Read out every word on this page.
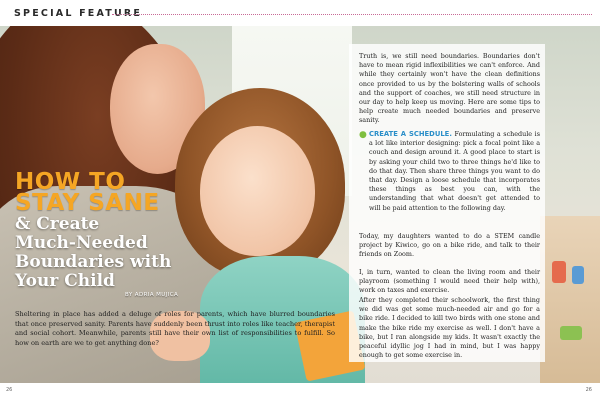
SPECIAL FEATURE
HOW TO
STAY SANE
& Create
Much-Needed
Boundaries with
Your Child
BY ADRIA MUJICA
Sheltering in place has added a deluge of roles for parents, which have blurred boundaries that once preserved sanity. Parents have suddenly been thrust into roles like teacher, therapist and social cohort. Meanwhile, parents still have their own list of responsibilities to fulfill. So how on earth are we to get anything done?

Truth is, we still need boundaries. Boundaries don't have to mean rigid inflexibilities we can't enforce. And while they certainly won't have the clean definitions once provided to us by the bolstering walls of schools and the support of coaches, we still need structure in our day to help keep us moving. Here are some tips to help create much needed boundaries and preserve sanity.

● CREATE A SCHEDULE. Formulating a schedule is a lot like interior designing: pick a focal point like a couch and design around it. A good place to start is by asking your child two to three things he'd like to do that day. Then share three things you want to do that day. Design a loose schedule that incorporates these things as best you can, with the understanding that what doesn't get attended to will be paid attention to the following day.

Today, my daughters wanted to do a STEM candle project by Kiwico, go on a bike ride, and talk to their friends on Zoom.

I, in turn, wanted to clean the living room and their playroom (something I would need their help with), work on taxes and exercise.

After they completed their schoolwork, the first thing we did was get some much-needed air and go for a bike ride. I decided to kill two birds with one stone and make the bike ride my exercise as well. I don't have a bike, but I ran alongside my kids. It wasn't exactly the peaceful idyllic jog I had in mind, but I was happy enough to get some exercise in.

26	26
